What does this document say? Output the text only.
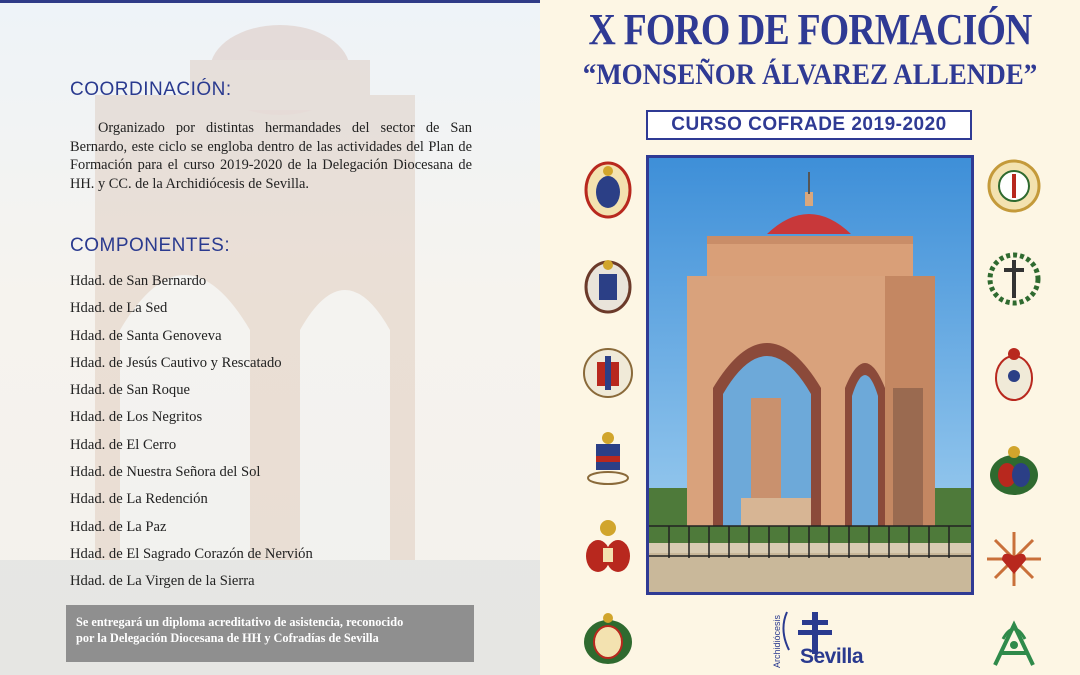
COORDINACIÓN:

Organizado por distintas hermandades del sector de San Bernardo, este ciclo se engloba dentro de las actividades del Plan de Formación para el curso 2019-2020 de la Delegación Diocesana de HH. y CC. de la Archidiócesis de Sevilla.

COMPONENTES:
Hdad. de San Bernardo
Hdad. de La Sed
Hdad. de Santa Genoveva
Hdad. de Jesús Cautivo y Rescatado
Hdad. de San Roque
Hdad. de Los Negritos
Hdad. de El Cerro
Hdad. de Nuestra Señora del Sol
Hdad. de La Redención
Hdad. de La Paz
Hdad. de El Sagrado Corazón de Nervión
Hdad. de La Virgen de la Sierra
Se entregará un diploma acreditativo de asistencia, reconocido
por la Delegación Diocesana de HH y Cofradías de Sevilla
X FORO DE FORMACIÓN
“MONSEÑOR ÁLVAREZ ALLENDE”
CURSO COFRADE 2019-2020
Archidiócesis Sevilla
